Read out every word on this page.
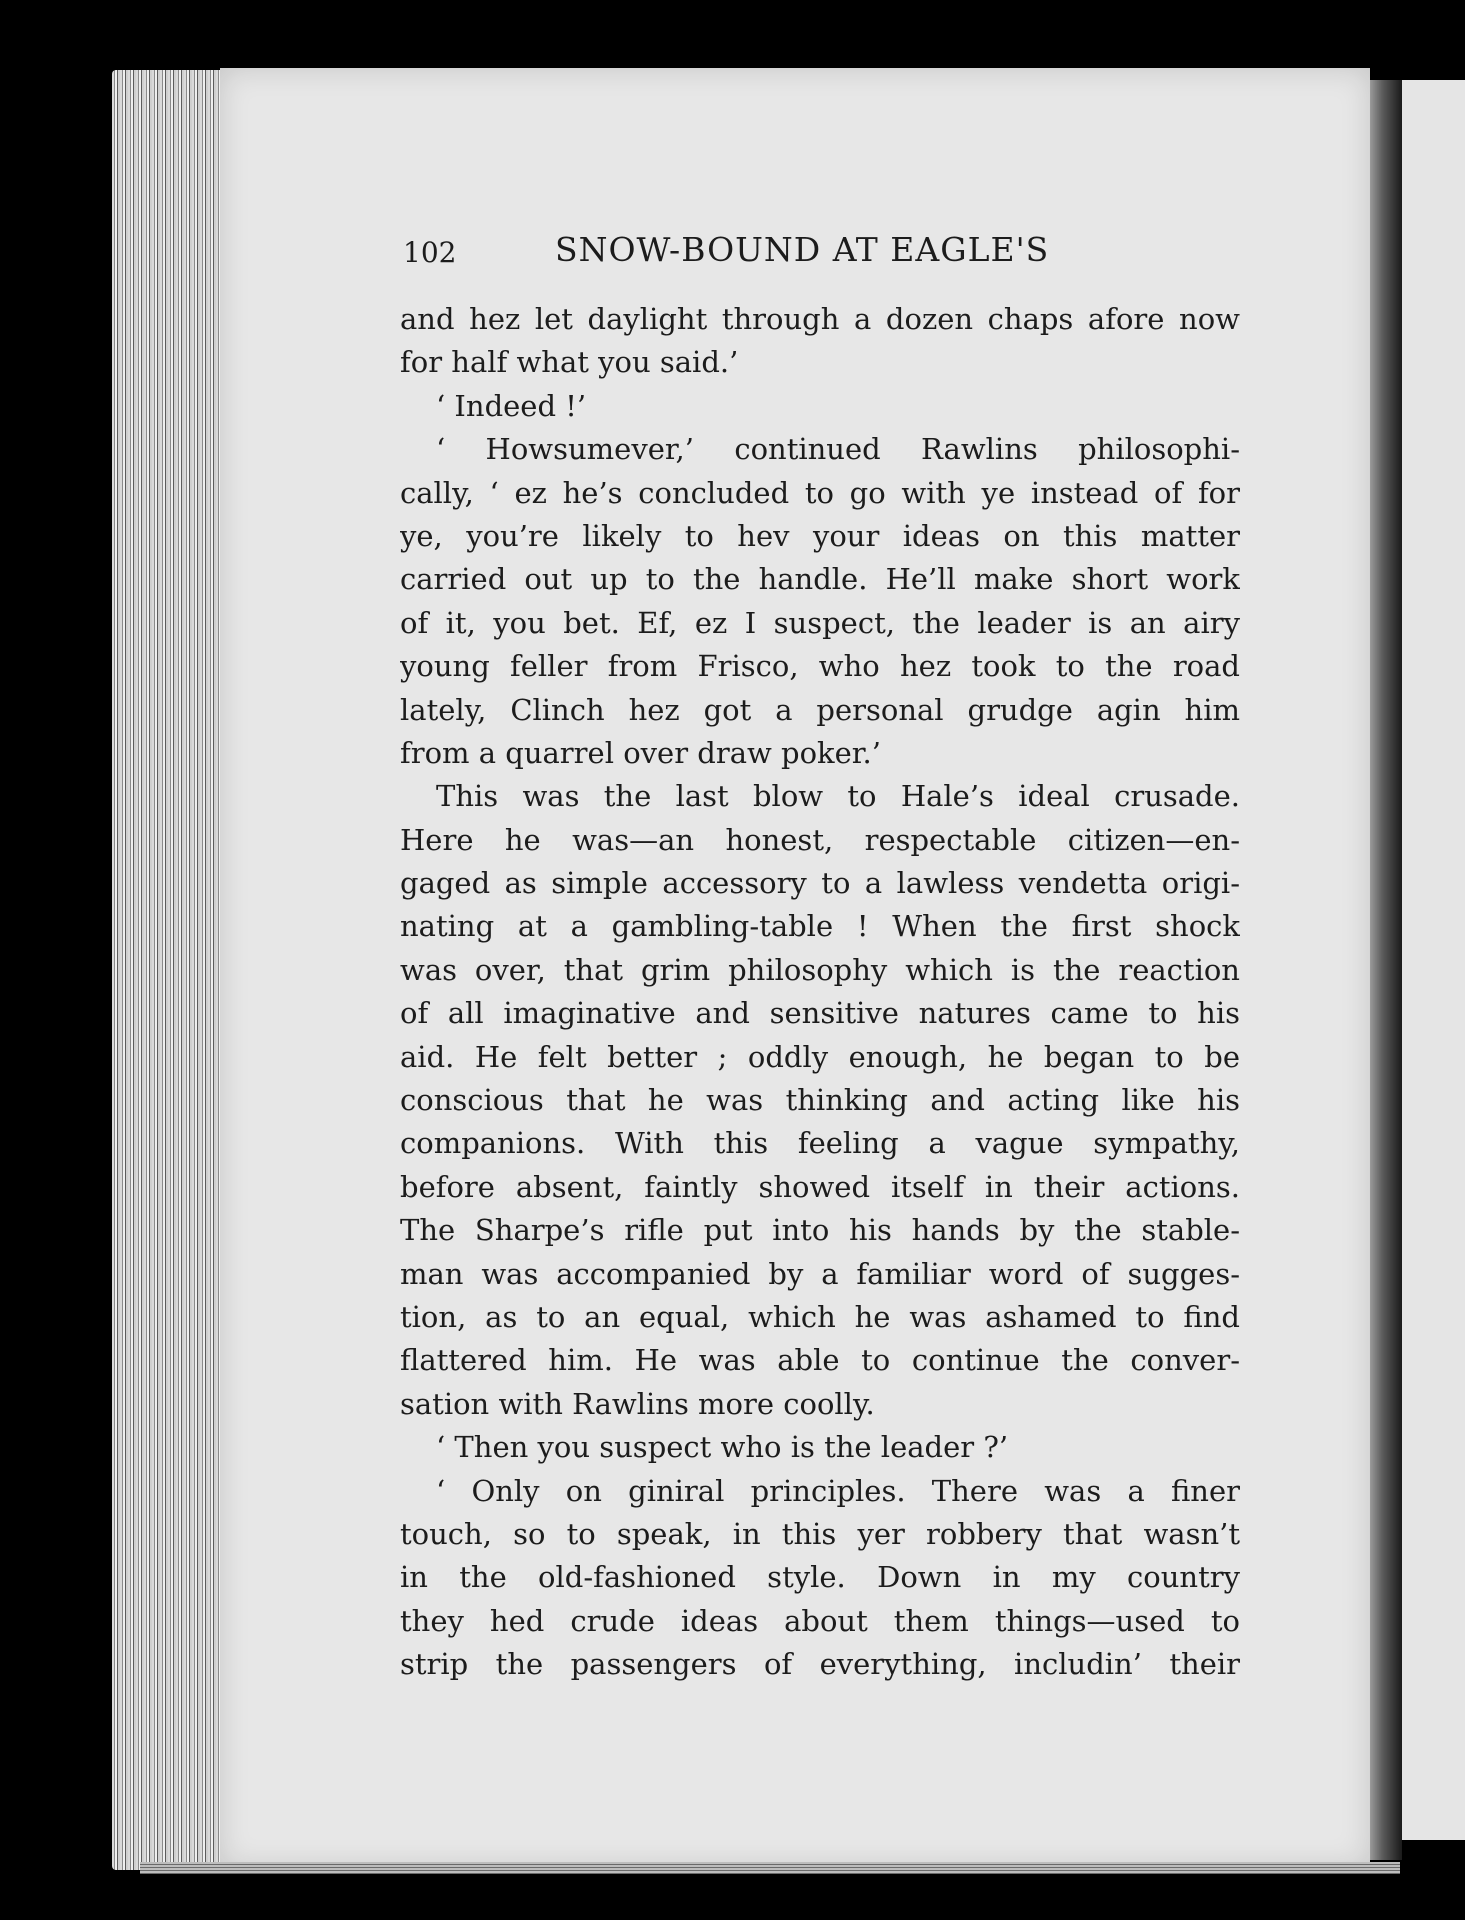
102	SNOW-BOUND AT EAGLE'S
and hez let daylight through a dozen chaps afore now
for half what you said.’
‘ Indeed !’
‘ Howsumever,’ continued Rawlins philosophi-
cally, ‘ ez he’s concluded to go with ye instead of for
ye, you’re likely to hev your ideas on this matter
carried out up to the handle. He’ll make short work
of it, you bet. Ef, ez I suspect, the leader is an airy
young feller from Frisco, who hez took to the road
lately, Clinch hez got a personal grudge agin him
from a quarrel over draw poker.’
This was the last blow to Hale’s ideal crusade.
Here he was—an honest, respectable citizen—en-
gaged as simple accessory to a lawless vendetta origi-
nating at a gambling-table ! When the first shock
was over, that grim philosophy which is the reaction
of all imaginative and sensitive natures came to his
aid. He felt better ; oddly enough, he began to be
conscious that he was thinking and acting like his
companions. With this feeling a vague sympathy,
before absent, faintly showed itself in their actions.
The Sharpe’s rifle put into his hands by the stable-
man was accompanied by a familiar word of sugges-
tion, as to an equal, which he was ashamed to find
flattered him. He was able to continue the conver-
sation with Rawlins more coolly.
‘ Then you suspect who is the leader ?’
‘ Only on giniral principles. There was a finer
touch, so to speak, in this yer robbery that wasn’t
in the old-fashioned style. Down in my country
they hed crude ideas about them things—used to
strip the passengers of everything, includin’ their
